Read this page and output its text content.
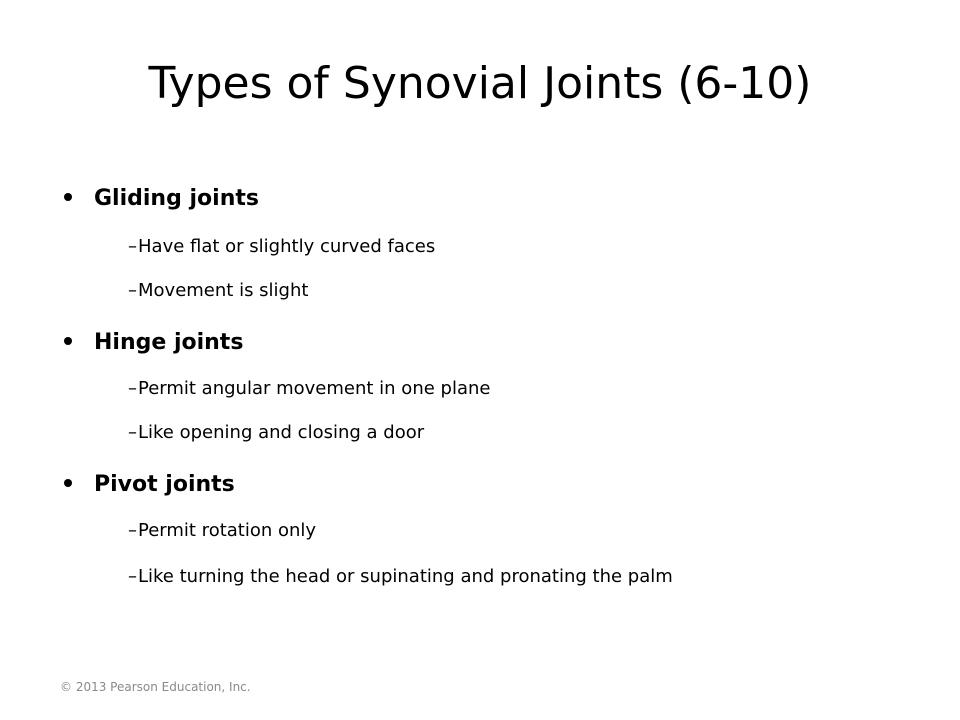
Types of Synovial Joints (6-10)
Gliding joints
– Have flat or slightly curved faces
– Movement is slight
Hinge joints
– Permit angular movement in one plane
– Like opening and closing a door
Pivot joints
– Permit rotation only
– Like turning the head or supinating and pronating the palm
© 2013 Pearson Education, Inc.
